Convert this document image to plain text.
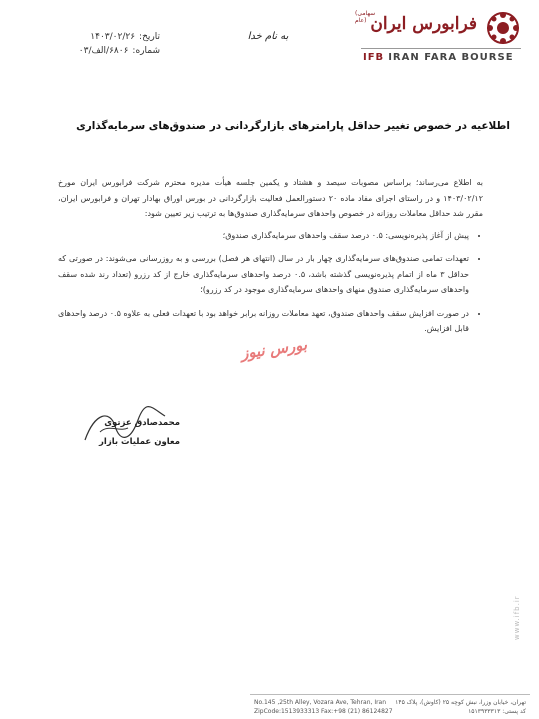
تاریخ:
۱۴۰۳/۰۲/۲۶
شماره:
۶۸۰۶/الف/۰۳
به نام خدا
(سهامی عام) فرابورس ایران
IFB IRAN FARA BOURSE
اطلاعیه در خصوص تغییر حداقل پارامترهای بازارگردانی در صندوق‌های سرمایه‌گذاری

به اطلاع می‌رساند؛ براساس مصوبات سیصد و هشتاد و یکمین جلسه هیأت مدیره محترم شرکت فرابورس ایران مورخ ۱۴۰۳/۰۲/۱۲ و در راستای اجرای مفاد ماده ۲۰ دستورالعمل فعالیت بازارگردانی در بورس اوراق بهادار تهران و فرابورس ایران، مقرر شد حداقل معاملات روزانه در خصوص واحدهای سرمایه‌گذاری صندوق‌ها به ترتیب زیر تعیین شود:

• پیش از آغاز پذیره‌نویسی: ۰.۵ درصد سقف واحدهای سرمایه‌گذاری صندوق؛
• تعهدات تمامی صندوق‌های سرمایه‌گذاری چهار بار در سال (انتهای هر فصل) بررسی و به روزرسانی می‌شوند: در صورتی که حداقل ۳ ماه از اتمام پذیره‌نویسی گذشته باشد، ۰.۵ درصد واحدهای سرمایه‌گذاری خارج از کد رزرو (تعداد رند شده سقف واحدهای سرمایه‌گذاری صندوق منهای واحدهای سرمایه‌گذاری موجود در کد رزرو)؛
• در صورت افزایش سقف واحدهای صندوق، تعهد معاملات روزانه برابر خواهد بود با تعهدات فعلی به علاوه ۰.۵ درصد واحدهای قابل افزایش.
بورس نیوز
محمدصادق عزتوی
معاون عملیات بازار
www.ifb.ir
No.145 ,25th Alley, Vozara Ave, Tehran, Iran
ZipCode:1513933313 Fax:+98 (21) 86124827
تهران، خیابان وزرا، نبش کوچه ۲۵ (کاوش)، پلاک ۱۴۵
کد پستی: ۱۵۱۳۹۳۳۳۱۳
